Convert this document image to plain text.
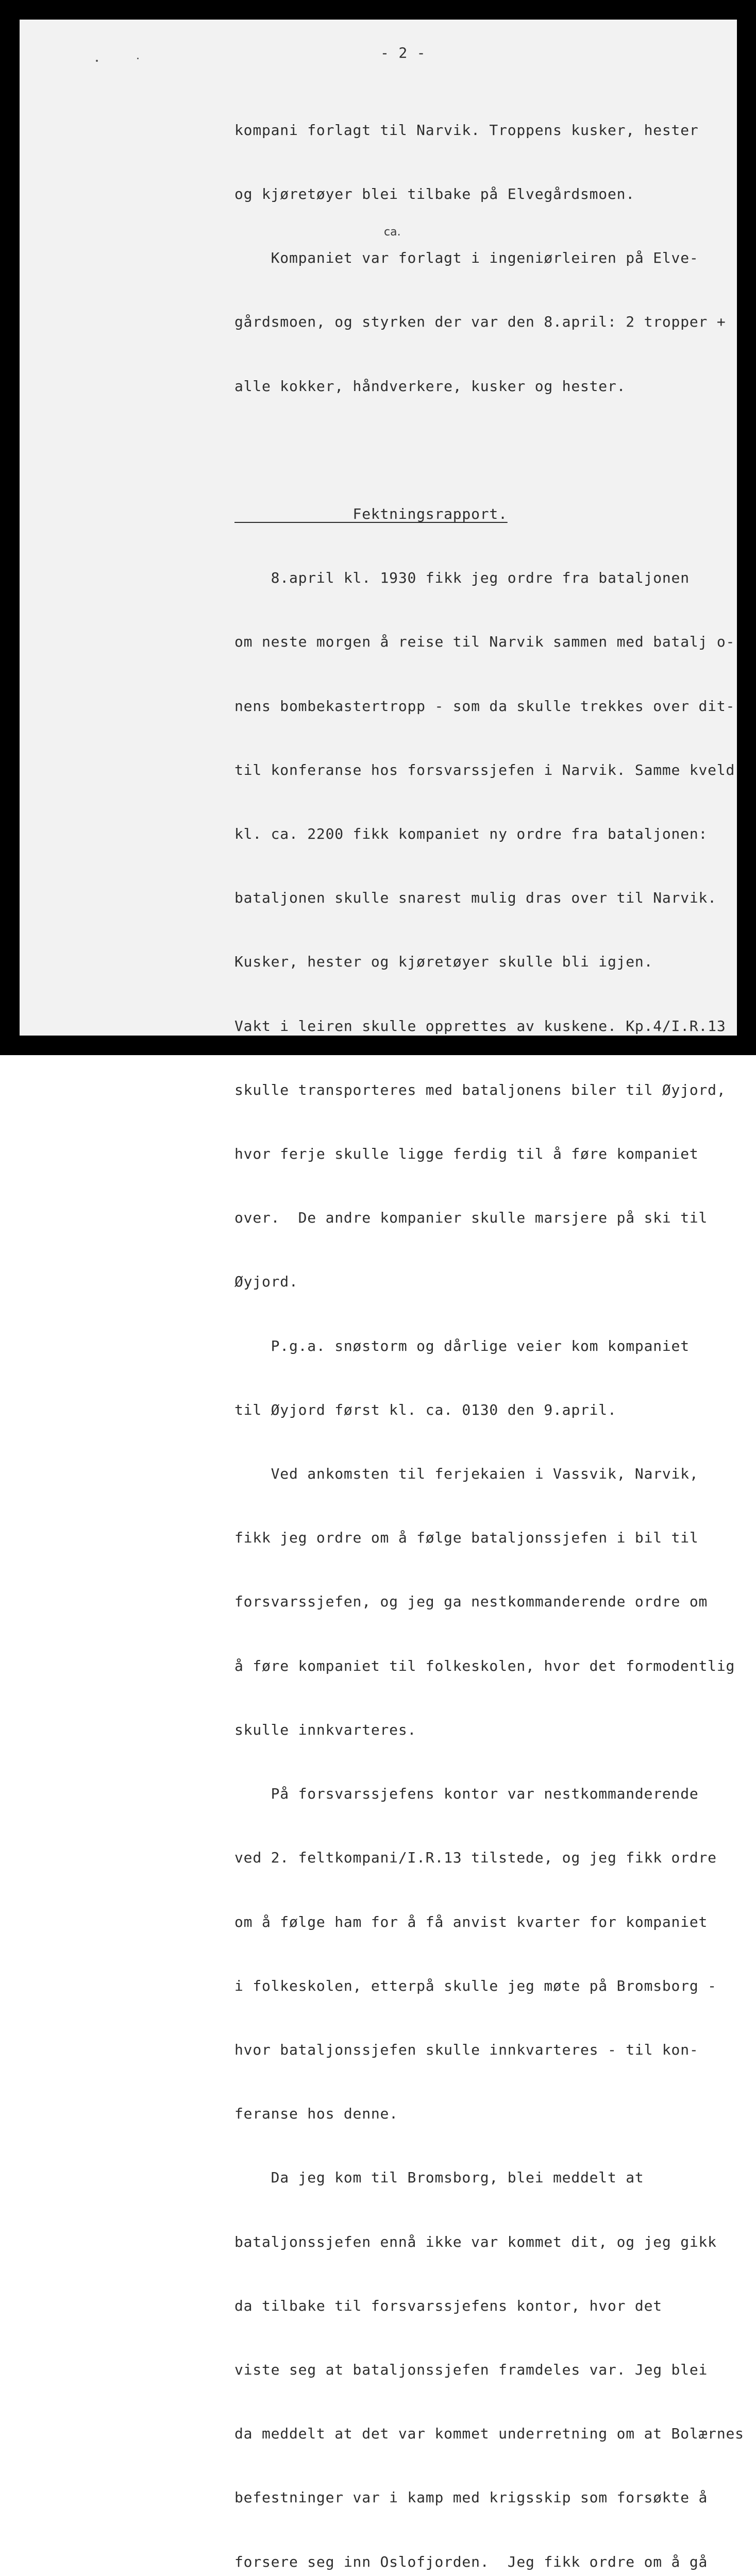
- 2 -
ca.

kompani forlagt til Narvik. Troppens kusker, hester

og kjøretøyer blei tilbake på Elvegårdsmoen.

Kompaniet var forlagt i ingeniørleiren på Elve-

gårdsmoen, og styrken der var den 8.april: 2 tropper +

alle kokker, håndverkere, kusker og hester.

Fektningsrapport.

8.april kl. 1930 fikk jeg ordre fra bataljonen

om neste morgen å reise til Narvik sammen med batalj o-

nens bombekastertropp - som da skulle trekkes over dit-

til konferanse hos forsvarssjefen i Narvik. Samme kveld

kl. ca. 2200 fikk kompaniet ny ordre fra bataljonen:

bataljonen skulle snarest mulig dras over til Narvik.

Kusker, hester og kjøretøyer skulle bli igjen.

Vakt i leiren skulle opprettes av kuskene. Kp.4/I.R.13

skulle transporteres med bataljonens biler til Øyjord,

hvor ferje skulle ligge ferdig til å føre kompaniet

over.  De andre kompanier skulle marsjere på ski til

Øyjord.

P.g.a. snøstorm og dårlige veier kom kompaniet

til Øyjord først kl. ca. 0130 den 9.april.

Ved ankomsten til ferjekaien i Vassvik, Narvik,

fikk jeg ordre om å følge bataljonssjefen i bil til

forsvarssjefen, og jeg ga nestkommanderende ordre om

å føre kompaniet til folkeskolen, hvor det formodentlig

skulle innkvarteres.

På forsvarssjefens kontor var nestkommanderende

ved 2. feltkompani/I.R.13 tilstede, og jeg fikk ordre

om å følge ham for å få anvist kvarter for kompaniet

i folkeskolen, etterpå skulle jeg møte på Bromsborg -

hvor bataljonssjefen skulle innkvarteres - til kon-

feranse hos denne.

Da jeg kom til Bromsborg, blei meddelt at

bataljonssjefen ennå ikke var kommet dit, og jeg gikk

da tilbake til forsvarssjefens kontor, hvor det

viste seg at bataljonssjefen framdeles var. Jeg blei

da meddelt at det var kommet underretning om at Bolærnes

befestninger var i kamp med krigsskip som forsøkte å

forsere seg inn Oslofjorden.  Jeg fikk ordre om å gå
